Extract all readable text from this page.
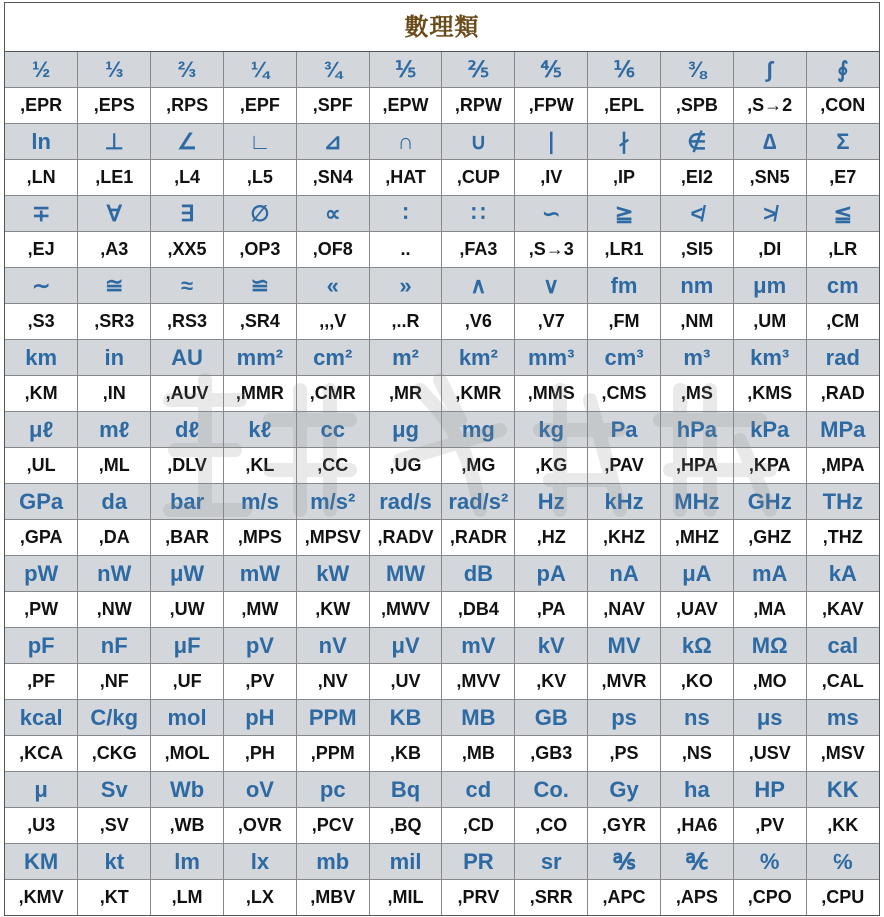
數理類
½	⅓	⅔	¼	¾	⅕	⅖	⅘	⅙	⅜	∫	∮
,EPR	,EPS	,RPS	,EPF	,SPF	,EPW	,RPW	,FPW	,EPL	,SPB	,S→2	,CON
ln	⊥	∠	∟	⊿	∩	∪	∣	∤	∉	∆	Σ
,LN	,LE1	,L4	,L5	,SN4	,HAT	,CUP	,IV	,IP	,EI2	,SN5	,E7
∓	∀	∃	∅	∝	∶	∷	∽	≧	≮	≯	≦
,EJ	,A3	,XX5	,OP3	,OF8	..	,FA3	,S→3	,LR1	,SI5	,DI	,LR
∼	≅	≈	≌	«	»	∧	∨	fm	nm	μm	cm
,S3	,SR3	,RS3	,SR4	,,,V	,..R	,V6	,V7	,FM	,NM	,UM	,CM
km	in	AU	mm²	cm²	m²	km²	mm³	cm³	m³	km³	rad
,KM	,IN	,AUV	,MMR	,CMR	,MR	,KMR	,MMS	,CMS	,MS	,KMS	,RAD
μℓ	mℓ	dℓ	kℓ	cc	μg	mg	kg	Pa	hPa	kPa	MPa
,UL	,ML	,DLV	,KL	,CC	,UG	,MG	,KG	,PAV	,HPA	,KPA	,MPA
GPa	da	bar	m/s	m/s²	rad/s	rad/s²	Hz	kHz	MHz	GHz	THz
,GPA	,DA	,BAR	,MPS	,MPSV	,RADV	,RADR	,HZ	,KHZ	,MHZ	,GHZ	,THZ
pW	nW	μW	mW	kW	MW	dB	pA	nA	μA	mA	kA
,PW	,NW	,UW	,MW	,KW	,MWV	,DB4	,PA	,NAV	,UAV	,MA	,KAV
pF	nF	μF	pV	nV	μV	mV	kV	MV	kΩ	MΩ	cal
,PF	,NF	,UF	,PV	,NV	,UV	,MVV	,KV	,MVR	,KO	,MO	,CAL
kcal	C/kg	mol	pH	PPM	KB	MB	GB	ps	ns	μs	ms
,KCA	,CKG	,MOL	,PH	,PPM	,KB	,MB	,GB3	,PS	,NS	,USV	,MSV
μ	Sv	Wb	oV	pc	Bq	cd	Co.	Gy	ha	HP	KK
,U3	,SV	,WB	,OVR	,PCV	,BQ	,CD	,CO	,GYR	,HA6	,PV	,KK
KM	kt	lm	lx	mb	mil	PR	sr	℁	℀	%	℅
,KMV	,KT	,LM	,LX	,MBV	,MIL	,PRV	,SRR	,APC	,APS	,CPO	,CPU
